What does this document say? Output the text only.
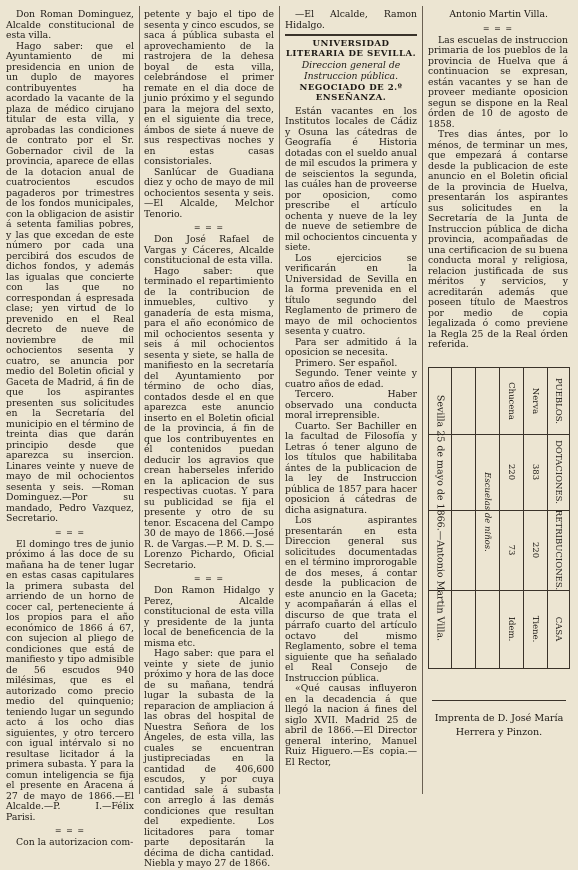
Don Roman Dominguez, Alcalde constitucional de esta villa.

Hago saber: que el Ayuntamiento de mi presidencia en union de un duplo de mayores contribuyentes ha acordado la vacante de la plaza de médico cirujano titular de esta villa, y aprobadas las condiciones de contrato por el Sr. Gobernador civil de la provincia, aparece de ellas de la dotacion anual de cuatrocientos escudos pagaderos por trimestres de los fondos municipales, con la obligacion de asistir á setenta familias pobres, y las que excedan de este número por cada una percibirá dos escudos de dichos fondos, y además las igualas que concierte con las que no correspondan á espresada clase; yen virtud de lo prevenido en el Real decreto de nueve de noviembre de mil ochocientos sesenta y cuatro, se anuncia por medio del Boletin oficial y Gaceta de Madrid, á fin de que los aspirantes presenten sus solicitudes en la Secretaría del municipio en el término de treinta dias que darán principio desde que aparezca su insercion. Linares veinte y nueve de mayo de mil ochocientos sesenta y seis. —Roman Dominguez.—Por su mandado, Pedro Vazquez, Secretario.

= = =

El domingo tres de junio próximo á las doce de su mañana ha de tener lugar en estas casas capitulares la primera subasta del arriendo de un horno de cocer cal, perteneciente á los propios para el año económico de 1866 á 67, con sujecion al pliego de condiciones que está de manifiesto y tipo admisible de 56 escudos 940 milésimas, que es el autorizado como precio medio del quinquenio; teniendo lugar un segundo acto á los ocho dias siguientes, y otro tercero con igual intérvalo si no resultase licitador á la primera subasta. Y para la comun inteligencia se fija el presente en Aracena á 27 de mayo de 1866.—El Alcalde.—P. I.—Félix Parisi.

= = =

Con la autorizacion com-

petente y bajo el tipo de sesenta y cinco escudos, se saca á pública subasta el aprovechamiento de la rastrojera de la dehesa boyal de esta villa, celebrándose el primer remate en el dia doce de junio próximo y el segundo para la mejora del sexto, en el siguiente dia trece, ámbos de siete á nueve de sus respectivas noches y en estas casas consistoriales.

Sanlúcar de Guadiana diez y ocho de mayo de mil ochocientos sesenta y seis.—El Alcalde, Melchor Tenorio.

= = =

Don José Rafael de Vargas y Cáceres, Alcalde constitucional de esta villa.

Hago saber: que terminado el repartimiento de la contribucion de inmuebles, cultivo y ganadería de esta misma, para el año económico de mil ochocientos sesenta y seis á mil ochocientos sesenta y siete, se halla de manifiesto en la secretaría del Ayuntamiento por término de ocho dias, contados desde el en que aparezca este anuncio inserto en el Boletin oficial de la provincia, á fin de que los contribuyentes en él contenidos puedan deducir los agravios que crean haberseles inferido en la aplicacion de sus respectivas cuotas. Y para su publicidad se fija el presente y otro de su tenor. Escacena del Campo 30 de mayo de 1866.—José R. de Vargas.—P. M. D. S.—Lorenzo Pichardo, Oficial Secretario.

= = =

Don Ramon Hidalgo y Perez, Alcalde constitucional de esta villa y presidente de la junta local de beneficencia de la misma etc.

Hago saber: que para el veinte y siete de junio próximo y hora de las doce de su mañana, tendrá lugar la subasta de la reparacion de ampliacion á las obras del hospital de Nuestra Señora de los Ángeles, de esta villa, las cuales se encuentran justipreciadas en la cantidad de 406,600 escudos, y por cuya cantidad sale á subasta con arreglo á las demás condiciones que resultan del expediente. Los licitadores para tomar parte depositarán la décima de dicha cantidad. Niebla y mayo 27 de 1866.

—El Alcalde, Ramon Hidalgo.

UNIVERSIDAD LITERARIA DE SEVILLA.

Direccion general de Instruccion pública.

NEGOCIADO DE 2.º ENSEÑANZA.

Están vacantes en los Institutos locales de Cádiz y Osuna las cátedras de Geografía é Historia dotadas con el sueldo anual de mil escudos la primera y de seiscientos la segunda, las cuáles han de proveerse por oposicion, como prescribe el artículo ochenta y nueve de la ley de nueve de setiembre de mil ochocientos cincuenta y siete.

Los ejercicios se verificarán en la Universidad de Sevilla en la forma prevenida en el título segundo del Reglamento de primero de mayo de mil ochocientos sesenta y cuatro.

Para ser admitido á la oposicion se necesita.

Primero. Ser español.

Segundo. Tener veinte y cuatro años de edad.

Tercero. Haber observado una conducta moral irreprensible.

Cuarto. Ser Bachiller en la facultad de Filosofía y Letras ó tener alguno de los títulos que habilitaba ántes de la publicacion de la ley de Instruccion pública de 1857 para hacer oposicion á cátedras de dicha asignatura.

Los aspirantes presentarán en esta Direccion general sus solicitudes documentadas en el término improrogable de dos meses, á contar desde la publicacion de este anuncio en la Gaceta; y acompañarán á ellas el discurso de que trata el párrafo cuarto del artículo octavo del mismo Reglamento, sobre el tema siguiente que ha señalado el Real Consejo de Instruccion pública.

«Qué causas influyeron en la decadencia á que llegó la nacion á fines del siglo XVII. Madrid 25 de abril de 1866.—El Director general interino, Manuel Ruiz Higuero.—Es copia.—El Rector,

Antonio Martin Villa.

= = =

Las escuelas de instruccion primaria de los pueblos de la provincia de Huelva que á continuacion se expresan, están vacantes y se han de proveer mediante oposicion segun se dispone en la Real órden de 10 de agosto de 1858.

Tres dias ántes, por lo ménos, de terminar un mes, que empezará á contarse desde la publicacion de este anuncio en el Boletin oficial de la provincia de Huelva, presentarán los aspirantes sus solicitudes en la Secretaría de la Junta de Instruccion pública de dicha provincia, acompañadas de una certificacion de su buena conducta moral y religiosa, relacion justificada de sus méritos y servicios, y acreditarán además que poseen título de Maestros por medio de copia legalizada ó como previene la Regla 25 de la Real órden referida.

Sevilla 25 de mayo de 1866.—Antonio Martin Villa.	PUEBLOS.
DOTACIONES.
RETRIBUCIONES.
CASA
Nerva
Chucena
383
220
Escuelas de niños.	220
73
Tiene.
Idem.
Imprenta de D. José María Herrera y Pinzon.
